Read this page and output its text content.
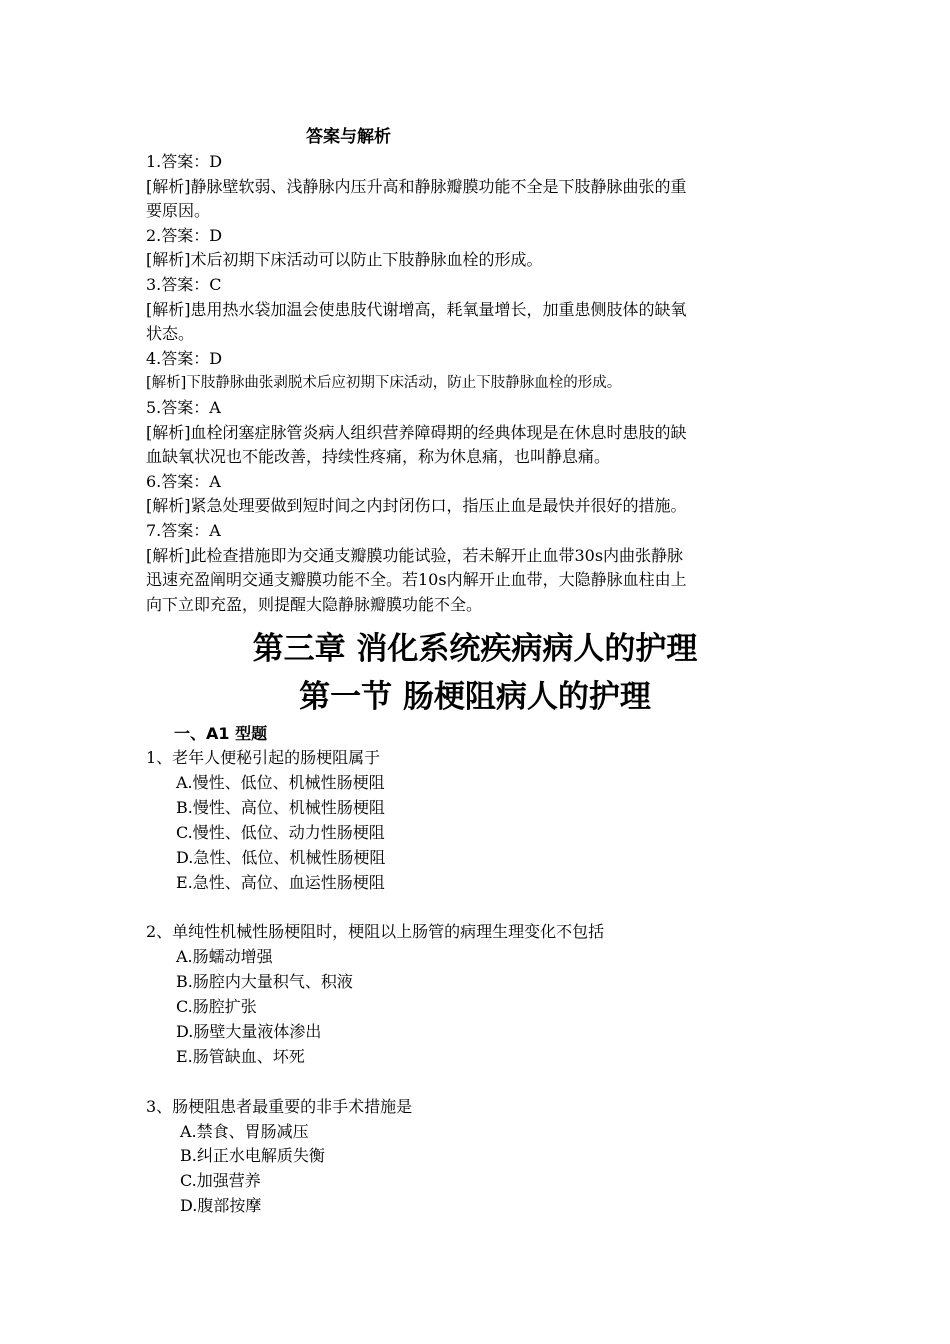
答案与解析

1.答案：D

[解析]静脉壁软弱、浅静脉内压升高和静脉瓣膜功能不全是下肢静脉曲张的重

要原因。

2.答案：D

[解析]术后初期下床活动可以防止下肢静脉血栓的形成。

3.答案：C

[解析]患用热水袋加温会使患肢代谢增高，耗氧量增长，加重患侧肢体的缺氧

状态。

4.答案：D

[解析]下肢静脉曲张剥脱术后应初期下床活动，防止下肢静脉血栓的形成。

5.答案：A

[解析]血栓闭塞症脉管炎病人组织营养障碍期的经典体现是在休息时患肢的缺

血缺氧状况也不能改善，持续性疼痛，称为休息痛，也叫静息痛。

6.答案：A

[解析]紧急处理要做到短时间之内封闭伤口，指压止血是最快并很好的措施。

7.答案：A

[解析]此检查措施即为交通支瓣膜功能试验，若未解开止血带30s内曲张静脉

迅速充盈阐明交通支瓣膜功能不全。若10s内解开止血带，大隐静脉血柱由上

向下立即充盈，则提醒大隐静脉瓣膜功能不全。

第三章 消化系统疾病病人的护理
第一节 肠梗阻病人的护理
一、A1 型题

1、老年人便秘引起的肠梗阻属于

A.慢性、低位、机械性肠梗阻

B.慢性、高位、机械性肠梗阻

C.慢性、低位、动力性肠梗阻

D.急性、低位、机械性肠梗阻

E.急性、高位、血运性肠梗阻

2、单纯性机械性肠梗阻时，梗阻以上肠管的病理生理变化不包括

A.肠蠕动增强

B.肠腔内大量积气、积液

C.肠腔扩张

D.肠壁大量液体渗出

E.肠管缺血、坏死

3、肠梗阻患者最重要的非手术措施是

A.禁食、胃肠减压

B.纠正水电解质失衡

C.加强营养

D.腹部按摩
